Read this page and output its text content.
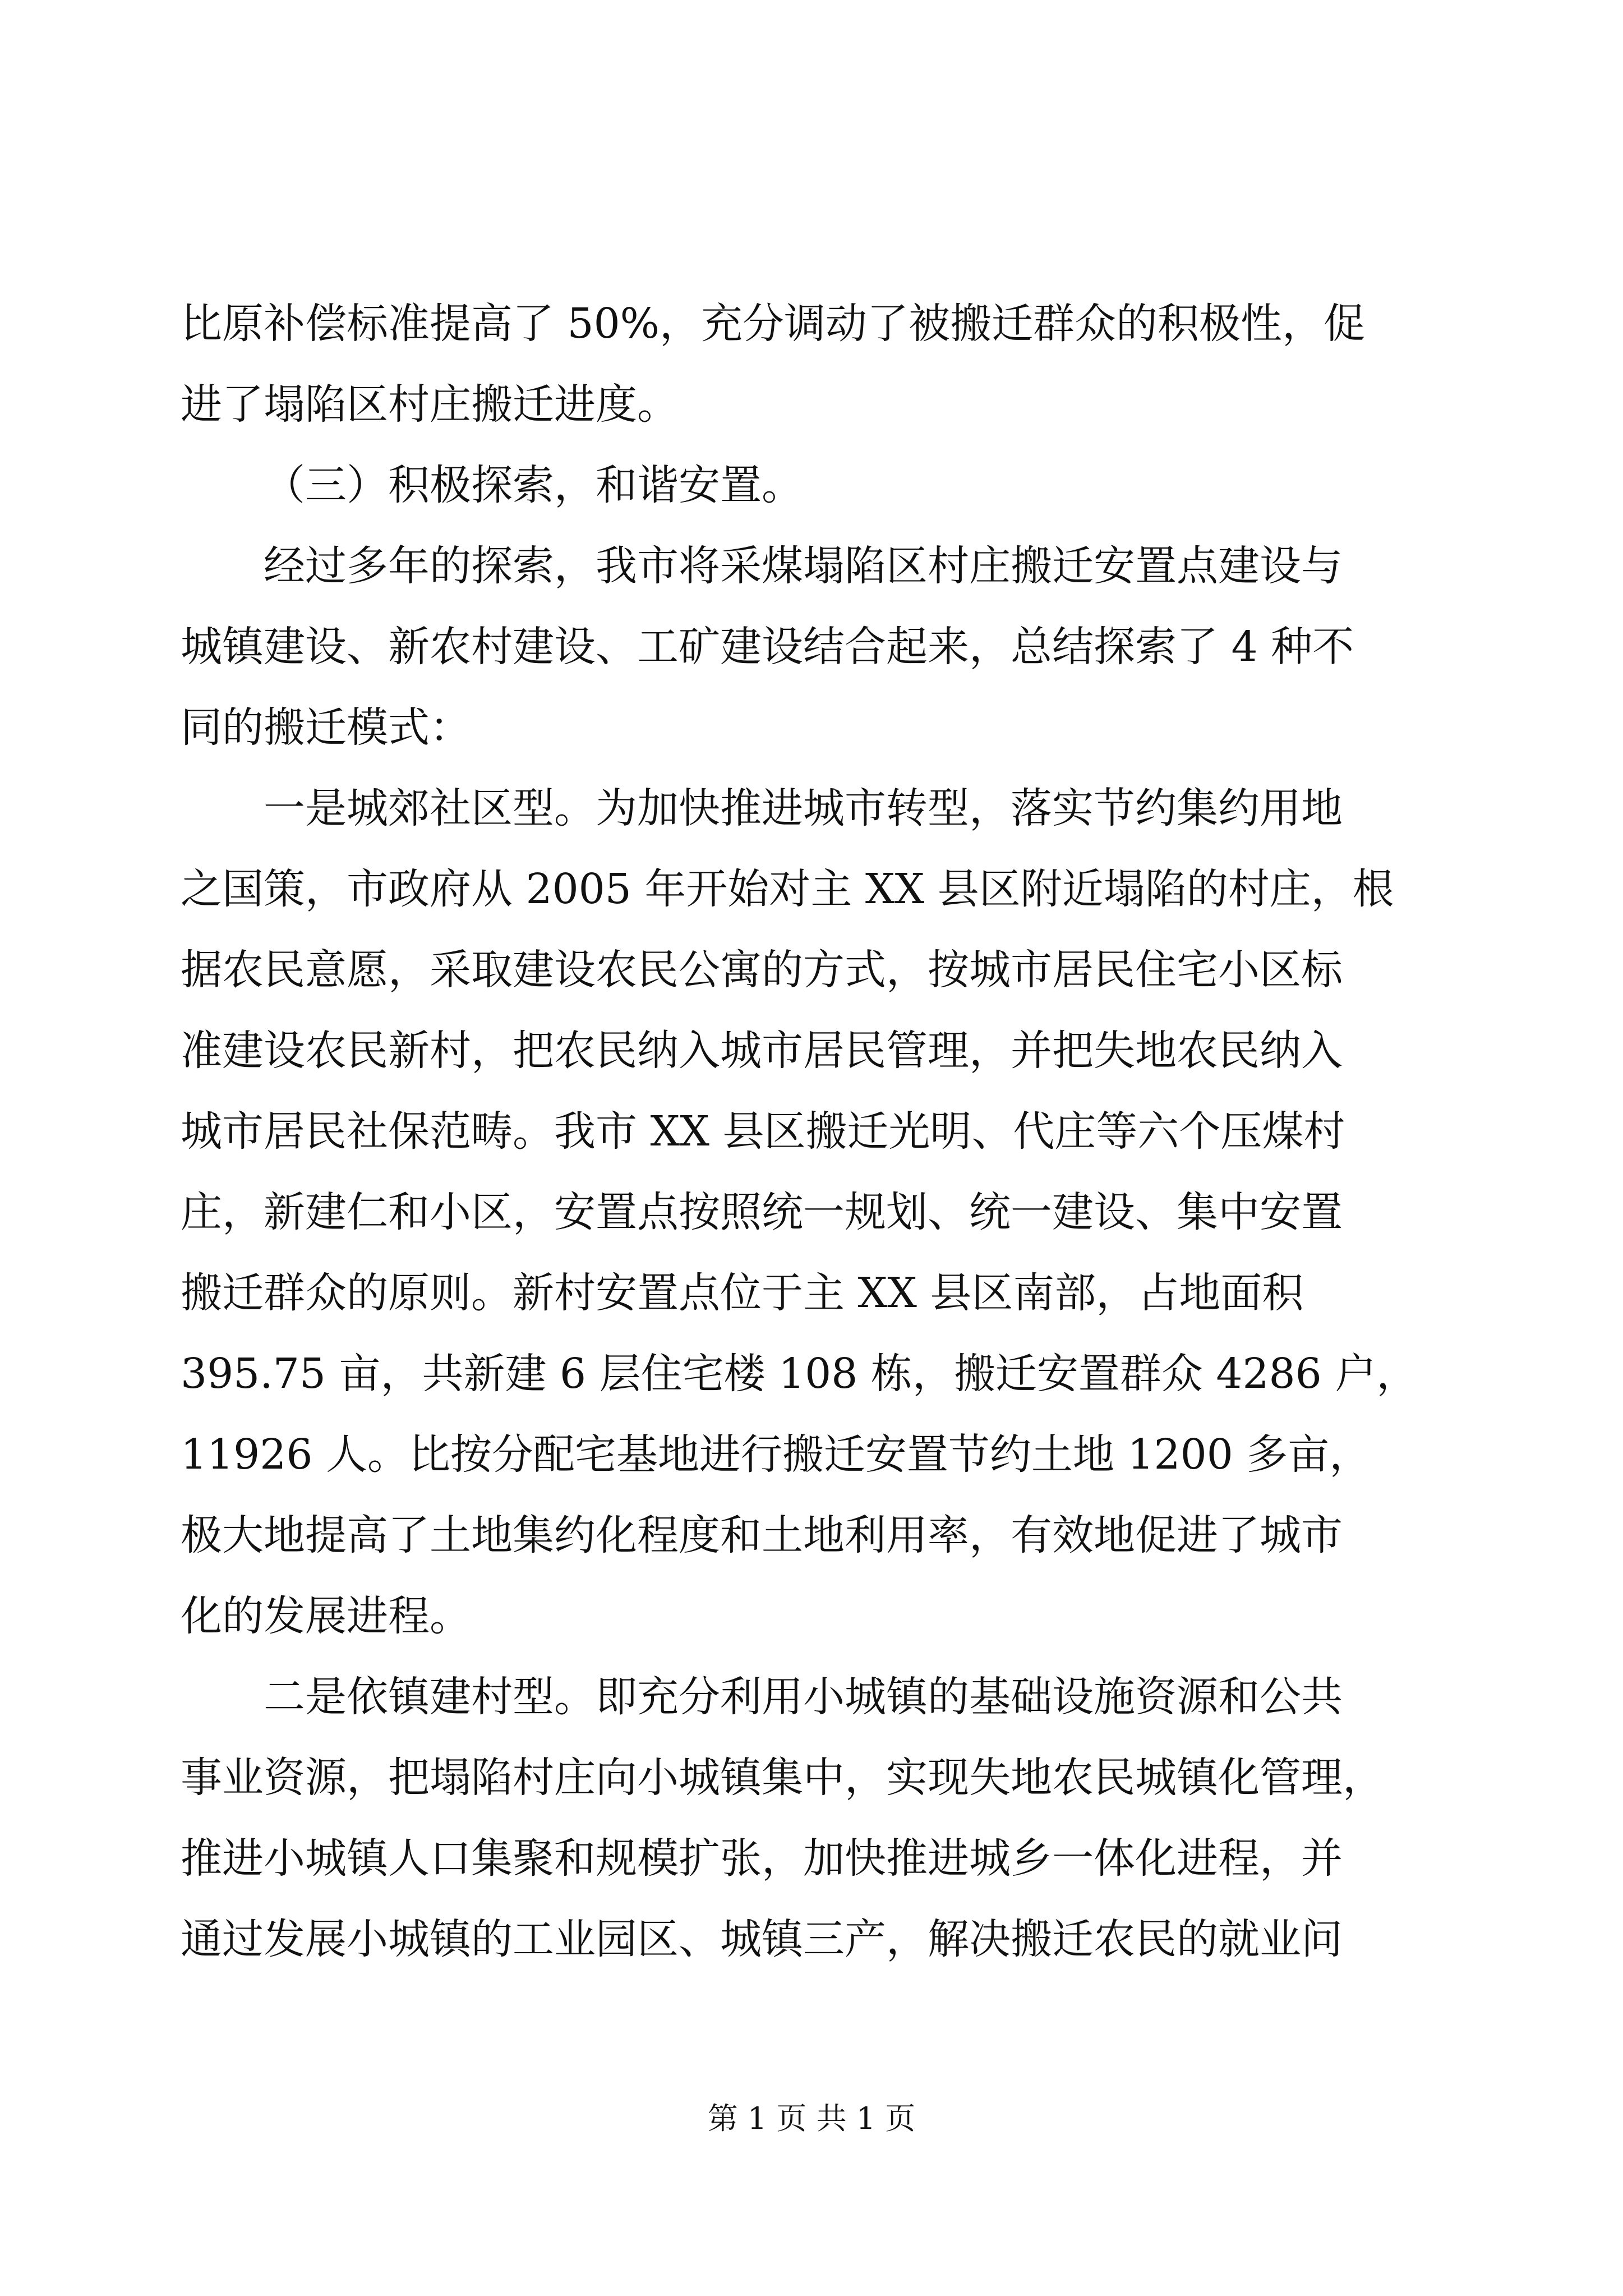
比原补偿标准提高了 50%，充分调动了被搬迁群众的积极性，促
进了塌陷区村庄搬迁进度。
（三）积极探索，和谐安置。
经过多年的探索，我市将采煤塌陷区村庄搬迁安置点建设与
城镇建设、新农村建设、工矿建设结合起来，总结探索了 4 种不
同的搬迁模式：
一是城郊社区型。为加快推进城市转型，落实节约集约用地
之国策，市政府从 2005 年开始对主 XX 县区附近塌陷的村庄，根
据农民意愿，采取建设农民公寓的方式，按城市居民住宅小区标
准建设农民新村，把农民纳入城市居民管理，并把失地农民纳入
城市居民社保范畴。我市 XX 县区搬迁光明、代庄等六个压煤村
庄，新建仁和小区，安置点按照统一规划、统一建设、集中安置
搬迁群众的原则。新村安置点位于主 XX 县区南部，占地面积
395.75 亩，共新建 6 层住宅楼 108 栋，搬迁安置群众 4286 户，
11926 人。比按分配宅基地进行搬迁安置节约土地 1200 多亩，
极大地提高了土地集约化程度和土地利用率，有效地促进了城市
化的发展进程。
二是依镇建村型。即充分利用小城镇的基础设施资源和公共
事业资源，把塌陷村庄向小城镇集中，实现失地农民城镇化管理，
推进小城镇人口集聚和规模扩张，加快推进城乡一体化进程，并
通过发展小城镇的工业园区、城镇三产，解决搬迁农民的就业问
第 1 页 共 1 页
